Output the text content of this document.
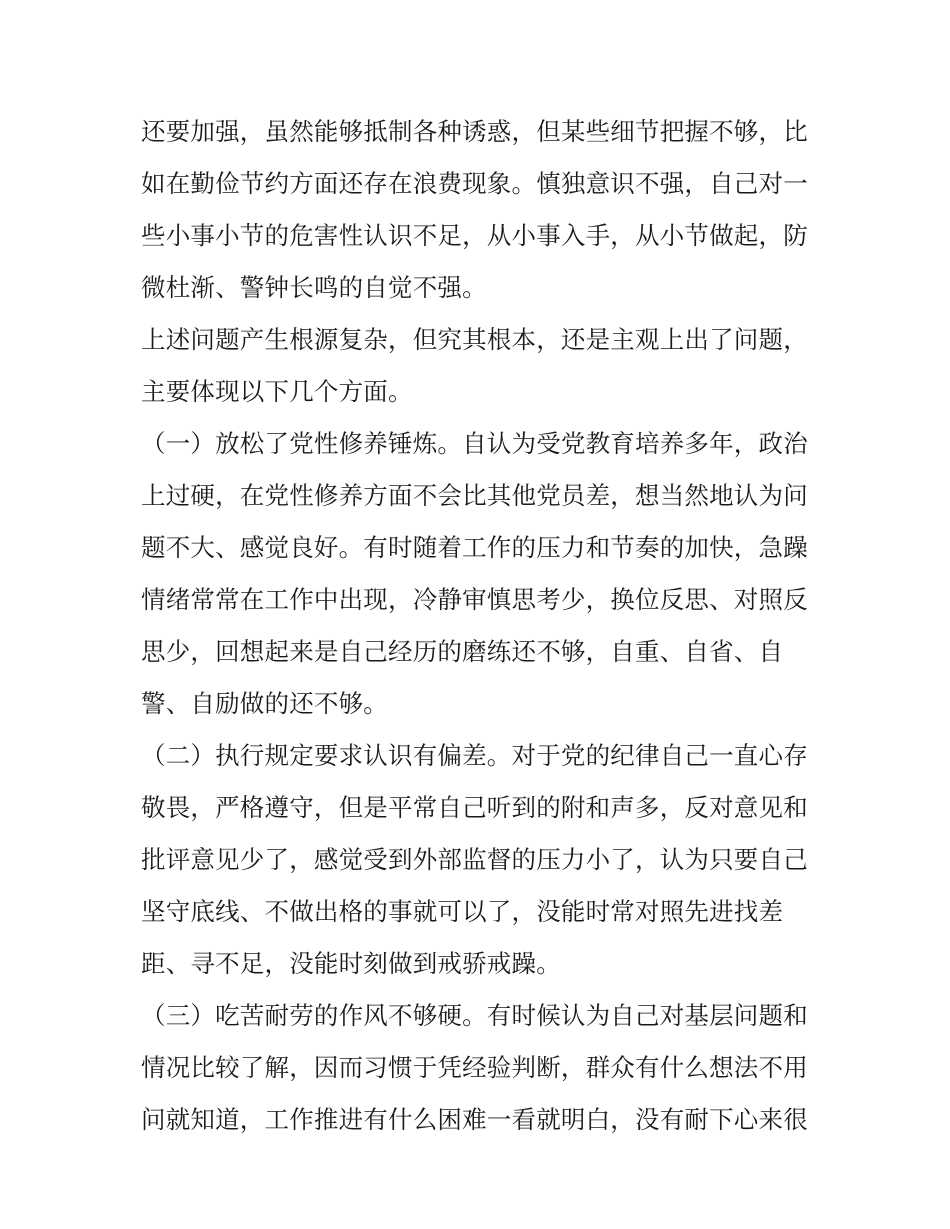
还要加强，虽然能够抵制各种诱惑，但某些细节把握不够，比
如在勤俭节约方面还存在浪费现象。慎独意识不强，自己对一
些小事小节的危害性认识不足，从小事入手，从小节做起，防
微杜渐、警钟长鸣的自觉不强。
上述问题产生根源复杂，但究其根本，还是主观上出了问题，
主要体现以下几个方面。
（一）放松了党性修养锤炼。自认为受党教育培养多年，政治
上过硬，在党性修养方面不会比其他党员差，想当然地认为问
题不大、感觉良好。有时随着工作的压力和节奏的加快，急躁
情绪常常在工作中出现，冷静审慎思考少，换位反思、对照反
思少，回想起来是自己经历的磨练还不够，自重、自省、自
警、自励做的还不够。
（二）执行规定要求认识有偏差。对于党的纪律自己一直心存
敬畏，严格遵守，但是平常自己听到的附和声多，反对意见和
批评意见少了，感觉受到外部监督的压力小了，认为只要自己
坚守底线、不做出格的事就可以了，没能时常对照先进找差
距、寻不足，没能时刻做到戒骄戒躁。
（三）吃苦耐劳的作风不够硬。有时候认为自己对基层问题和
情况比较了解，因而习惯于凭经验判断，群众有什么想法不用
问就知道，工作推进有什么困难一看就明白，没有耐下心来很
